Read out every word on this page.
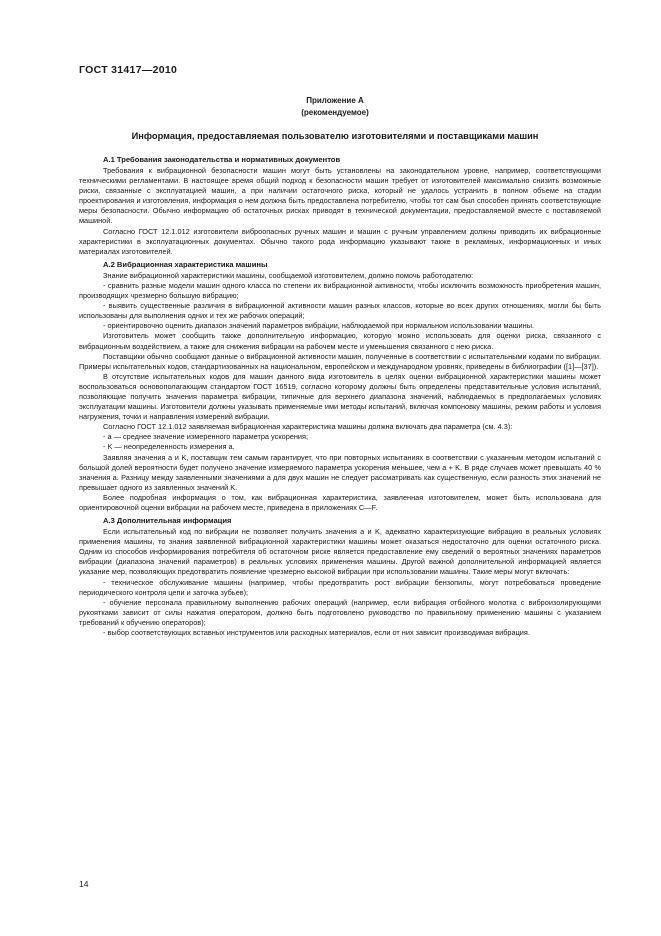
ГОСТ 31417—2010
Приложение А
(рекомендуемое)
Информация, предоставляемая пользователю изготовителями и поставщиками машин
А.1 Требования законодательства и нормативных документов

Требования к вибрационной безопасности машин могут быть установлены на законодательном уровне, например, соответствующими техническими регламентами. В настоящее время общий подход к безопасности машин требует от изготовителей максимально снизить возможные риски, связанные с эксплуатацией машин, а при наличии остаточного риска, который не удалось устранить в полном объеме на стадии проектирования и изготовления, информация о нем должна быть предоставлена потребителю, чтобы тот сам был способен принять соответствующие меры безопасности. Обычно информацию об остаточных рисках приводят в технической документации, предоставляемой вместе с поставляемой машиной.

Согласно ГОСТ 12.1.012 изготовители виброопасных ручных машин и машин с ручным управлением должны приводить их вибрационные характеристики в эксплуатационных документах. Обычно такого рода информацию указывают также в рекламных, информационных и иных материалах изготовителей.

А.2 Вибрационная характеристика машины

Знание вибрационной характеристики машины, сообщаемой изготовителем, должно помочь работодателю:

- сравнить разные модели машин одного класса по степени их вибрационной активности, чтобы исключить возможность приобретения машин, производящих чрезмерно большую вибрацию;

- выявить существенные различия в вибрационной активности машин разных классов, которые во всех других отношениях, могли бы быть использованы для выполнения одних и тех же рабочих операций;

- ориентировочно оценить диапазон значений параметров вибрации, наблюдаемой при нормальном использовании машины.

Изготовитель может сообщить также дополнительную информацию, которую можно использовать для оценки риска, связанного с вибрационным воздействием, а также для снижения вибрации на рабочем месте и уменьшения связанного с нею риска.

Поставщики обычно сообщают данные о вибрационной активности машин, полученные в соответствии с испытательными кодами по вибрации. Примеры испытательных кодов, стандартизованных на национальном, европейском и международном уровнях, приведены в библиографии ([1]—[37]).

В отсутствие испытательных кодов для машин данного вида изготовитель в целях оценки вибрационной характеристики машины может воспользоваться основополагающим стандартом ГОСТ 16519, согласно которому должны быть определены представительные условия испытаний, позволяющие получить значения параметра вибрации, типичные для верхнего диапазона значений, наблюдаемых в предполагаемых условиях эксплуатации машины. Изготовители должны указывать применяемые ими методы испытаний, включая компоновку машины, режим работы и условия нагружения, точки и направления измерений вибрации.

Согласно ГОСТ 12.1.012 заявляемая вибрационная характеристика машины должна включать два параметра (см. 4.3):

- a — среднее значение измеренного параметра ускорения;

- K — неопределенность измерения a.

Заявляя значения a и K, поставщик тем самым гарантирует, что при повторных испытаниях в соответствии с указанным методом испытаний с большой долей вероятности будет получено значение измеряемого параметра ускорения меньшее, чем a + K. В ряде случаев может превышать 40 % значения a. Разницу между заявленными значениями a для двух машин не следует рассматривать как существенную, если разность этих значений не превышает одного из заявленных значений K.

Более подробная информация о том, как вибрационная характеристика, заявленная изготовителем, может быть использована для ориентировочной оценки вибрации на рабочем месте, приведена в приложениях С—F.

А.3 Дополнительная информация

Если испытательный код по вибрации не позволяет получить значения a и K, адекватно характеризующие вибрацию в реальных условиях применения машины, то знания заявленной вибрационной характеристики машины может оказаться недостаточно для оценки остаточного риска. Одним из способов информирования потребителя об остаточном риске является предоставление ему сведений о вероятных значениях параметров вибрации (диапазона значений параметров) в реальных условиях применения машины. Другой важной дополнительной информацией является указание мер, позволяющих предотвратить появление чрезмерно высокой вибрации при использовании машины. Такие меры могут включать:

- техническое обслуживание машины (например, чтобы предотвратить рост вибрации бензопилы, могут потребоваться проведение периодического контроля цепи и заточка зубьев);

- обучение персонала правильному выполнению рабочих операций (например, если вибрация отбойного молотка с виброизолирующими рукоятками зависит от силы нажатия оператором, должно быть подготовлено руководство по правильному применению машины с указанием требований к обучению операторов);

- выбор соответствующих вставных инструментов или расходных материалов, если от них зависит производимая вибрация.

14
